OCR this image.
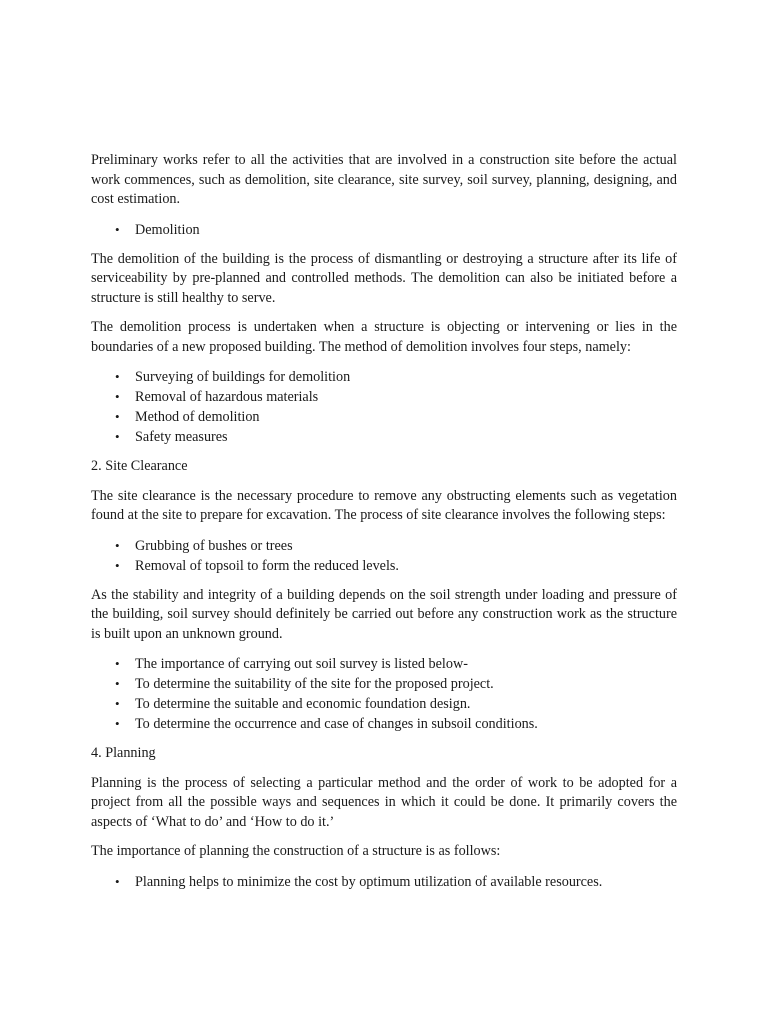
Preliminary works refer to all the activities that are involved in a construction site before the actual work commences, such as demolition, site clearance, site survey, soil survey, planning, designing, and cost estimation.

• Demolition

The demolition of the building is the process of dismantling or destroying a structure after its life of serviceability by pre-planned and controlled methods. The demolition can also be initiated before a structure is still healthy to serve.

The demolition process is undertaken when a structure is objecting or intervening or lies in the boundaries of a new proposed building. The method of demolition involves four steps, namely:

• Surveying of buildings for demolition
• Removal of hazardous materials
• Method of demolition
• Safety measures

2. Site Clearance

The site clearance is the necessary procedure to remove any obstructing elements such as vegetation found at the site to prepare for excavation. The process of site clearance involves the following steps:

• Grubbing of bushes or trees
• Removal of topsoil to form the reduced levels.

As the stability and integrity of a building depends on the soil strength under loading and pressure of the building, soil survey should definitely be carried out before any construction work as the structure is built upon an unknown ground.

• The importance of carrying out soil survey is listed below-
• To determine the suitability of the site for the proposed project.
• To determine the suitable and economic foundation design.
• To determine the occurrence and case of changes in subsoil conditions.

4. Planning

Planning is the process of selecting a particular method and the order of work to be adopted for a project from all the possible ways and sequences in which it could be done. It primarily covers the aspects of ‘What to do’ and ‘How to do it.’

The importance of planning the construction of a structure is as follows:

• Planning helps to minimize the cost by optimum utilization of available resources.
